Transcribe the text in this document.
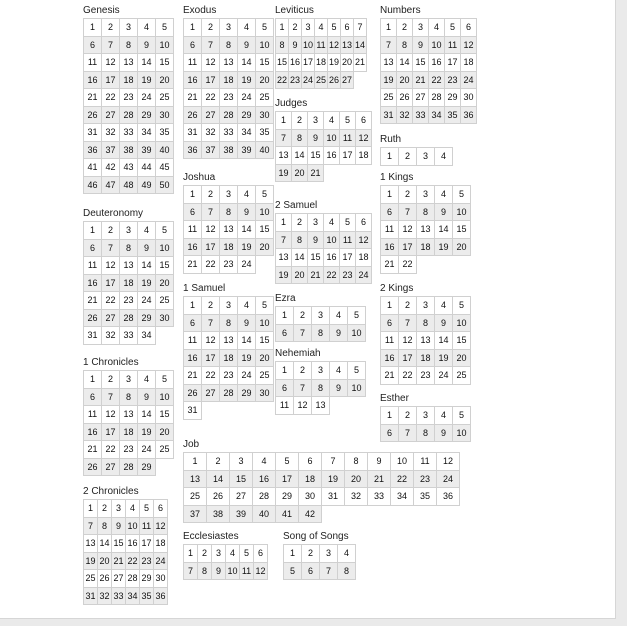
Genesis
1	2	3	4	5
6	7	8	9	10
11 12 13 14 15
16 17 18 19 20
21 22 23 24 25
26 27 28 29 30
31 32 33 34 35
36 37 38 39 40
41 42 43 44 45
46 47 48 49 50
Exodus
1	2	3	4	5
6	7	8	9	10
11 12 13 14 15
16 17 18 19 20
21 22 23 24 25
26 27 28 29 30
31 32 33 34 35
36 37 38 39 40
Leviticus
1 2 3 4 5 6 7
8 9 10 11 12 13 14
15 16 17 18 19 20 21
22 23 24 25 26 27
Numbers
1	2	3	4	5	6
7	8	9 10 11 12
13 14 15 16 17 18
19 20 21 22 23 24
25 26 27 28 29 30
31 32 33 34 35 36
Judges
1	2	3	4	5	6
7	8	9 10 11 12
13 14 15 16 17 18
19 20 21
Ruth
1	2	3	4
Joshua
1	2	3	4	5
6	7	8	9	10
11 12 13 14 15
16 17 18 19 20
21 22 23 24
Deuteronomy
1	2	3	4	5
6	7	8	9	10
11 12 13 14 15
16 17 18 19 20
21 22 23 24 25
26 27 28 29 30
31 32 33 34
1 Kings
1	2	3	4	5
6	7	8	9	10
11 12 13 14 15
16 17 18 19 20
21 22
2 Samuel
1	2	3	4	5	6
7	8	9 10 11 12
13 14 15 16 17 18
19 20 21 22 23 24
1 Samuel
1	2	3	4	5
6	7	8	9	10
11 12 13 14 15
16 17 18 19 20
21 22 23 24 25
26 27 28 29 30
31
2 Kings
1	2	3	4	5
6	7	8	9	10
11 12 13 14 15
16 17 18 19 20
21 22 23 24 25
Ezra
1	2	3	4	5
6	7	8	9	10
1 Chronicles
1	2	3	4	5
6	7	8	9	10
11 12 13 14 15
16 17 18 19 20
21 22 23 24 25
26 27 28 29
Nehemiah
1	2	3	4	5
6	7	8	9	10
11 12 13
Esther
1	2	3	4	5
6	7	8	9	10
Job
1	2	3	4	5	6	7	8	9	10	11	12
13	14	15	16	17	18	19	20	21	22	23	24
25	26	27	28	29	30	31	32	33	34	35	36
37	38	39	40	41	42
2 Chronicles
1 2 3 4 5 6
7 8 9 10 11 12
13 14 15 16 17 18
19 20 21 22 23 24
25 26 27 28 29 30
31 32 33 34 35 36
Ecclesiastes
1 2 3 4 5 6
7 8 9 10 11 12
Song of Songs
1	2	3	4
5	6	7	8
